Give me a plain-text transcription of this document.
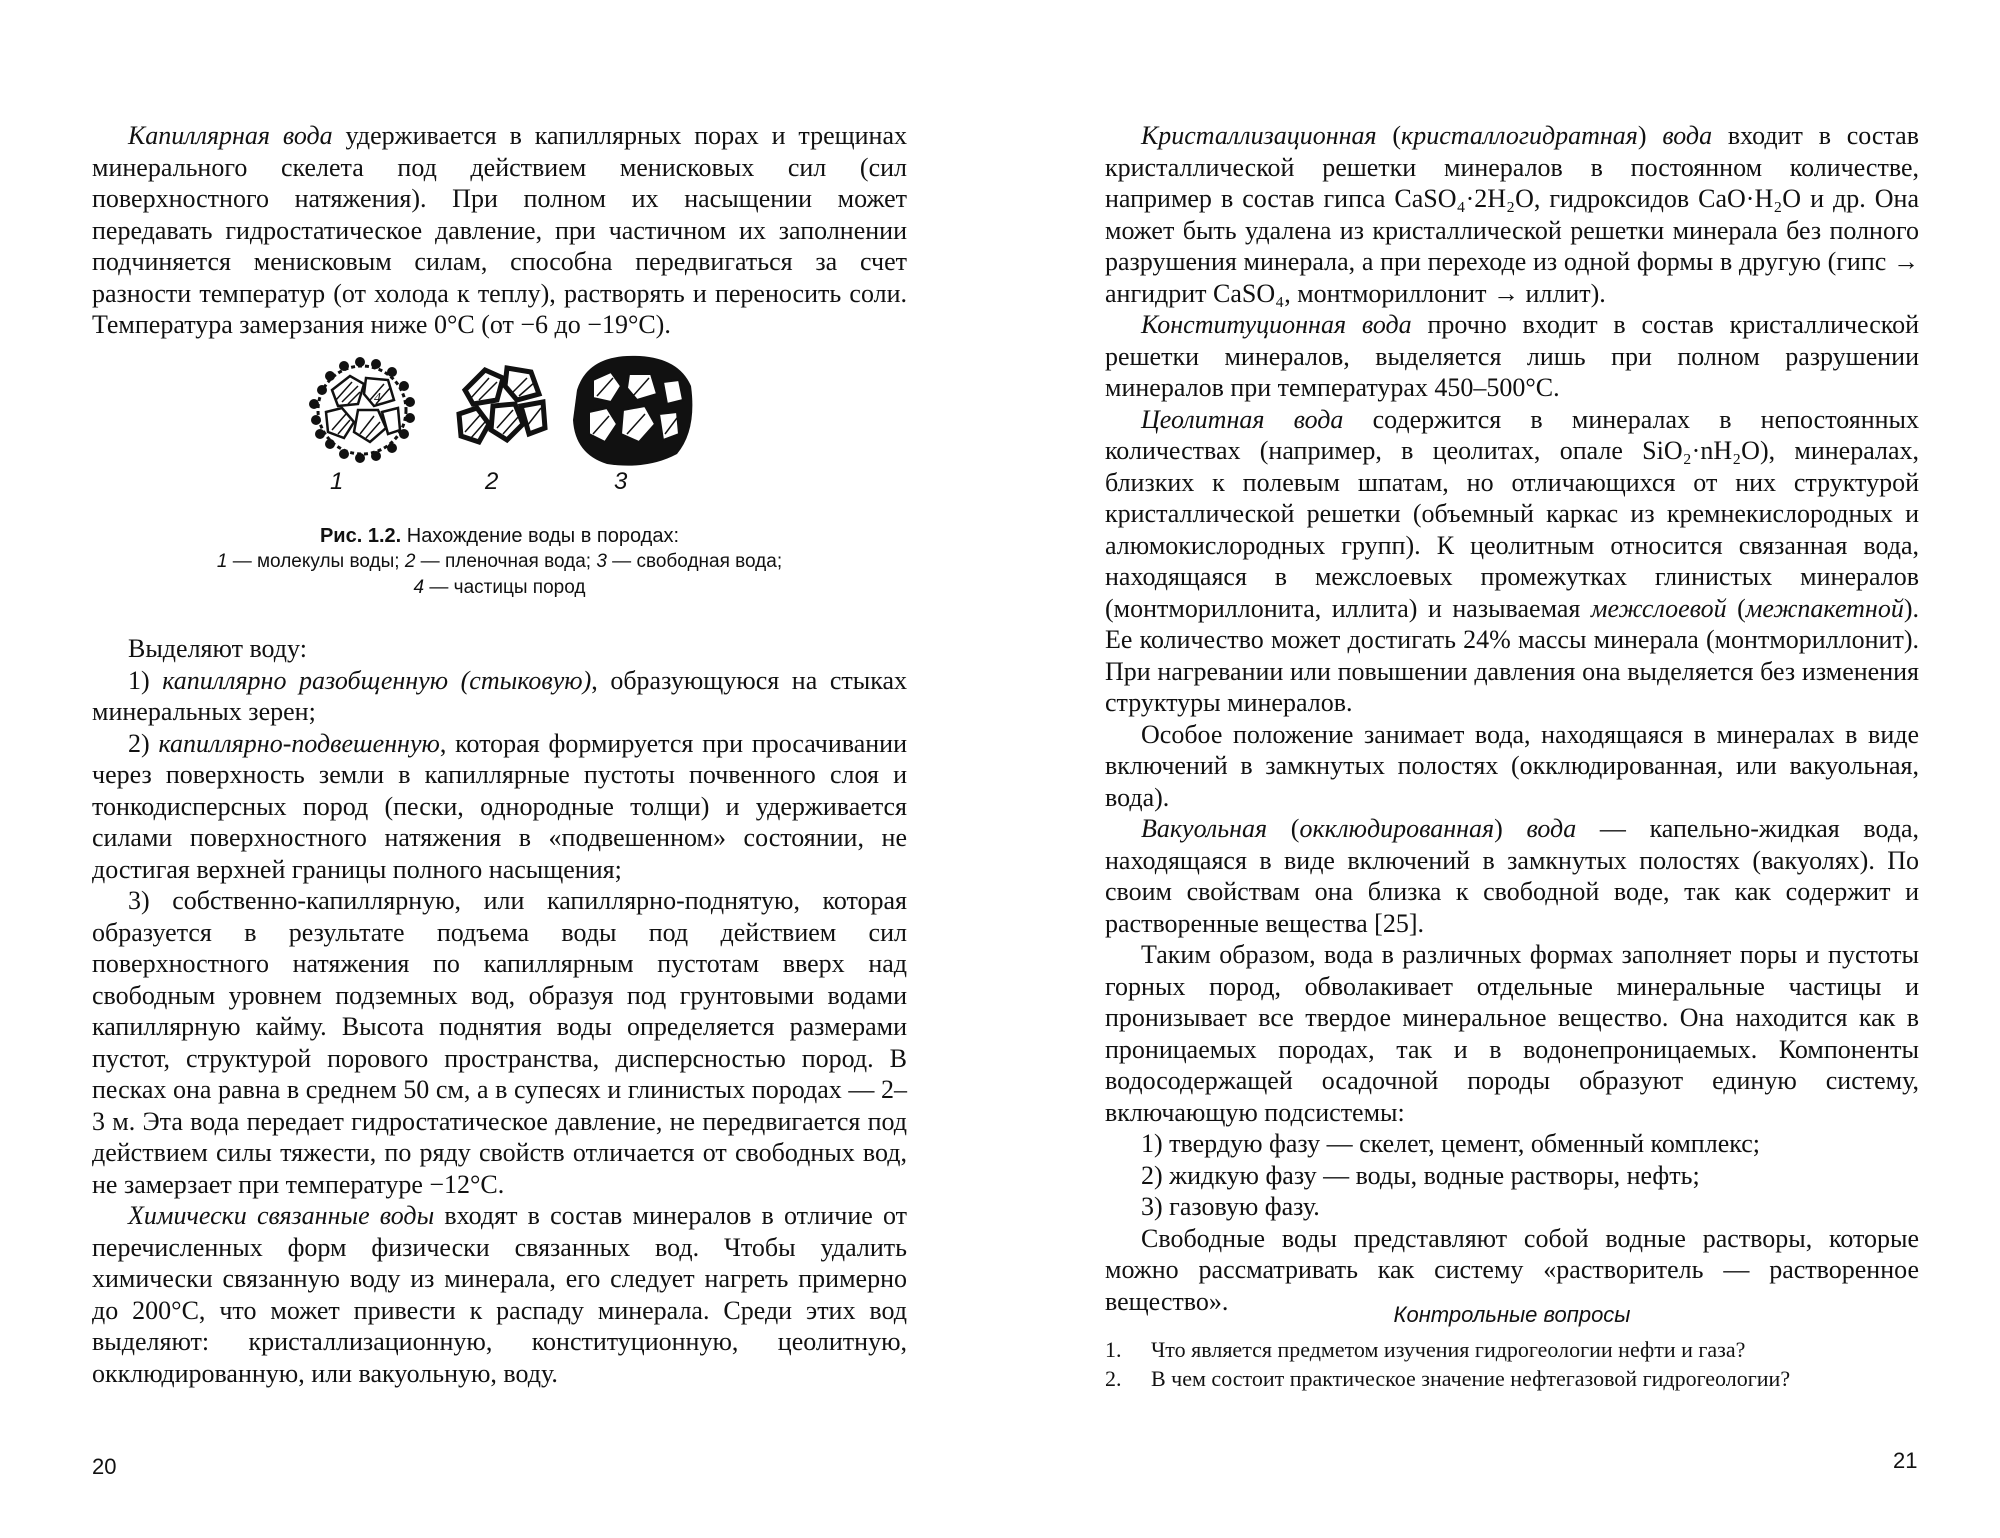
Капиллярная вода удерживается в капиллярных порах и трещинах минерального скелета под действием менисковых сил (сил поверхностного натяжения). При полном их насыщении может передавать гидростатическое давление, при частичном их заполнении подчиняется менисковым силам, способна передвигаться за счет разности температур (от холода к теплу), растворять и переносить соли. Температура замерзания ниже 0°С (от −6 до −19°С).

4
1	2	3
Рис. 1.2. Нахождение воды в породах:
1 — молекулы воды; 2 — пленочная вода; 3 — свободная вода;
4 — частицы пород

Выделяют воду:

1) капиллярно разобщенную (стыковую), образующуюся на стыках минеральных зерен;

2) капиллярно-подвешенную, которая формируется при просачивании через поверхность земли в капиллярные пустоты почвенного слоя и тонкодисперсных пород (пески, однородные толщи) и удерживается силами поверхностного натяжения в «подвешенном» состоянии, не достигая верхней границы полного насыщения;

3) собственно-капиллярную, или капиллярно-поднятую, которая образуется в результате подъема воды под действием сил поверхностного натяжения по капиллярным пустотам вверх над свободным уровнем подземных вод, образуя под грунтовыми водами капиллярную кайму. Высота поднятия воды определяется размерами пустот, структурой порового пространства, дисперсностью пород. В песках она равна в среднем 50 см, а в супесях и глинистых породах — 2–3 м. Эта вода передает гидростатическое давление, не передвигается под действием силы тяжести, по ряду свойств отличается от свободных вод, не замерзает при температуре −12°С.

Химически связанные воды входят в состав минералов в отличие от перечисленных форм физически связанных вод. Чтобы удалить химически связанную воду из минерала, его следует нагреть примерно до 200°С, что может привести к распаду минерала. Среди этих вод выделяют: кристаллизационную, конституционную, цеолитную, окклюдированную, или вакуольную, воду.

20

Кристаллизационная (кристаллогидратная) вода входит в состав кристаллической решетки минералов в постоянном количестве, например в состав гипса CaSO₄·2H₂O, гидроксидов CaO·H₂O и др. Она может быть удалена из кристаллической решетки минерала без полного разрушения минерала, а при переходе из одной формы в другую (гипс → ангидрит CaSO₄, монтмориллонит → иллит).

Конституционная вода прочно входит в состав кристаллической решетки минералов, выделяется лишь при полном разрушении минералов при температурах 450–500°С.

Цеолитная вода содержится в минералах в непостоянных количествах (например, в цеолитах, опале SiO₂·nH₂O), минералах, близких к полевым шпатам, но отличающихся от них структурой кристаллической решетки (объемный каркас из кремнекислородных и алюмокислородных групп). К цеолитным относится связанная вода, находящаяся в межслоевых промежутках глинистых минералов (монтмориллонита, иллита) и называемая межслоевой (межпакетной). Ее количество может достигать 24% массы минерала (монтмориллонит). При нагревании или повышении давления она выделяется без изменения структуры минералов.

Особое положение занимает вода, находящаяся в минералах в виде включений в замкнутых полостях (окклюдированная, или вакуольная, вода).

Вакуольная (окклюдированная) вода — капельно-жидкая вода, находящаяся в виде включений в замкнутых полостях (вакуолях). По своим свойствам она близка к свободной воде, так как содержит и растворенные вещества [25].

Таким образом, вода в различных формах заполняет поры и пустоты горных пород, обволакивает отдельные минеральные частицы и пронизывает все твердое минеральное вещество. Она находится как в проницаемых породах, так и в водонепроницаемых. Компоненты водосодержащей осадочной породы образуют единую систему, включающую подсистемы:

1) твердую фазу — скелет, цемент, обменный комплекс;

2) жидкую фазу — воды, водные растворы, нефть;

3) газовую фазу.

Свободные воды представляют собой водные растворы, которые можно рассматривать как систему «растворитель — растворенное вещество».	Контрольные вопросы
1.	Что является предметом изучения гидрогеологии нефти и газа?
2.	В чем состоит практическое значение нефтегазовой гидрогеологии?
21
